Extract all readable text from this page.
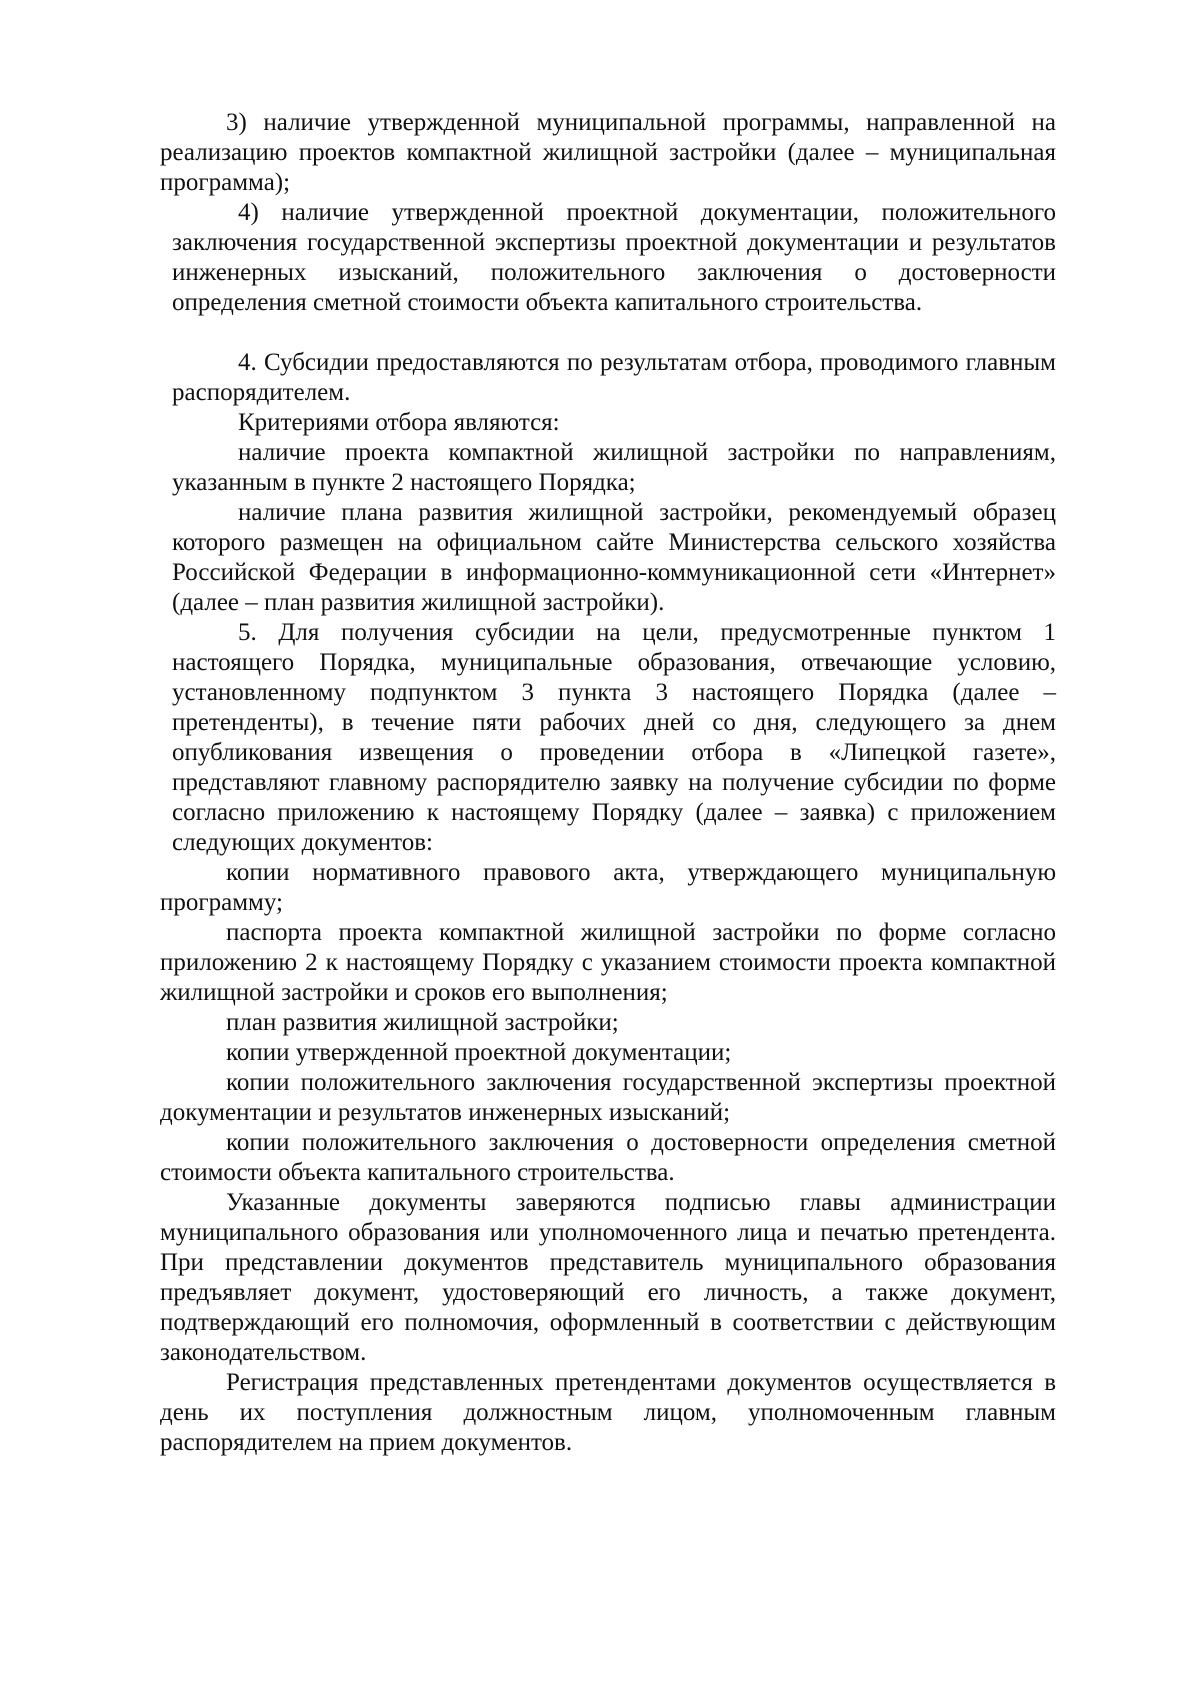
3) наличие утвержденной муниципальной программы, направленной на реализацию проектов компактной жилищной застройки (далее – муниципальная программа);

4) наличие утвержденной проектной документации, положительного заключения государственной экспертизы проектной документации и результатов инженерных изысканий, положительного заключения о достоверности определения сметной стоимости объекта капитального строительства.

4. Субсидии предоставляются по результатам отбора, проводимого главным распорядителем.

Критериями отбора являются:

наличие проекта компактной жилищной застройки по направлениям, указанным в пункте 2 настоящего Порядка;

наличие плана развития жилищной застройки, рекомендуемый образец которого размещен на официальном сайте Министерства сельского хозяйства Российской Федерации в информационно-коммуникационной сети «Интернет» (далее – план развития жилищной застройки).

5. Для получения субсидии на цели, предусмотренные пунктом 1 настоящего Порядка, муниципальные образования, отвечающие условию, установленному подпунктом 3 пункта 3 настоящего Порядка (далее – претенденты), в течение пяти рабочих дней со дня, следующего за днем опубликования извещения о проведении отбора в «Липецкой газете», представляют главному распорядителю заявку на получение субсидии по форме согласно приложению к настоящему Порядку (далее – заявка) с приложением следующих документов:

копии нормативного правового акта, утверждающего муниципальную программу;

паспорта проекта компактной жилищной застройки по форме согласно приложению 2 к настоящему Порядку с указанием стоимости проекта компактной жилищной застройки и сроков его выполнения;

план развития жилищной застройки;

копии утвержденной проектной документации;

копии положительного заключения государственной экспертизы проектной документации и результатов инженерных изысканий;

копии положительного заключения о достоверности определения сметной стоимости объекта капитального строительства.

Указанные документы заверяются подписью главы администрации муниципального образования или уполномоченного лица и печатью претендента. При представлении документов представитель муниципального образования предъявляет документ, удостоверяющий его личность, а также документ, подтверждающий его полномочия, оформленный в соответствии с действующим законодательством.

Регистрация представленных претендентами документов осуществляется в день их поступления должностным лицом, уполномоченным главным распорядителем на прием документов.
